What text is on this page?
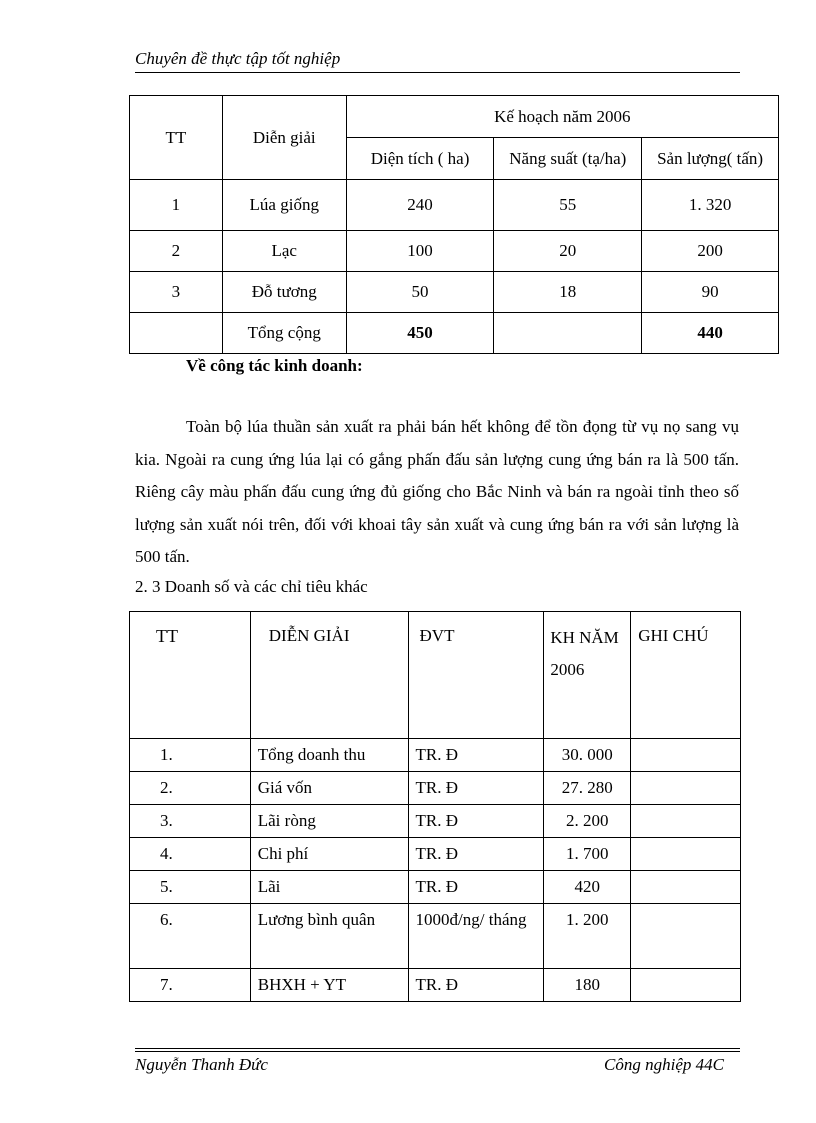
Chuyên đề thực tập tốt nghiệp
TT	Diễn giải	Kế hoạch năm 2006		
		Diện tích ( ha)	Năng suất (tạ/ha)	Sản lượng( tấn)
1	Lúa giống	240	55	1. 320
2	Lạc	100	20	200
3	Đỗ tương	50	18	90
	Tổng cộng	450		440
Về công tác kinh doanh:
Toàn bộ lúa thuần sản xuất ra phải bán hết không để tồn đọng từ vụ nọ sang vụ kia. Ngoài ra cung ứng lúa lại có gắng phấn đấu sản lượng cung ứng bán ra là 500 tấn. Riêng cây màu phấn đấu cung ứng đủ giống cho Bắc Ninh và bán ra ngoài tỉnh theo số lượng sản xuất nói trên, đối với khoai tây sản xuất và cung ứng bán ra với sản lượng là 500 tấn.
2. 3 Doanh số và các chỉ tiêu khác
TT	DIỄN GIẢI	ĐVT	KH NĂM 2006	GHI CHÚ
1.	Tổng doanh thu	TR. Đ	30. 000	
2.	Giá vốn	TR. Đ	27. 280	
3.	Lãi ròng	TR. Đ	2. 200	
4.	Chi phí	TR. Đ	1. 700	
5.	Lãi	TR. Đ	420	
6.	Lương bình quân	1000đ/ng/ tháng	1. 200	
7.	BHXH + YT	TR. Đ	180	
Nguyễn Thanh Đức	Công nghiệp 44C
